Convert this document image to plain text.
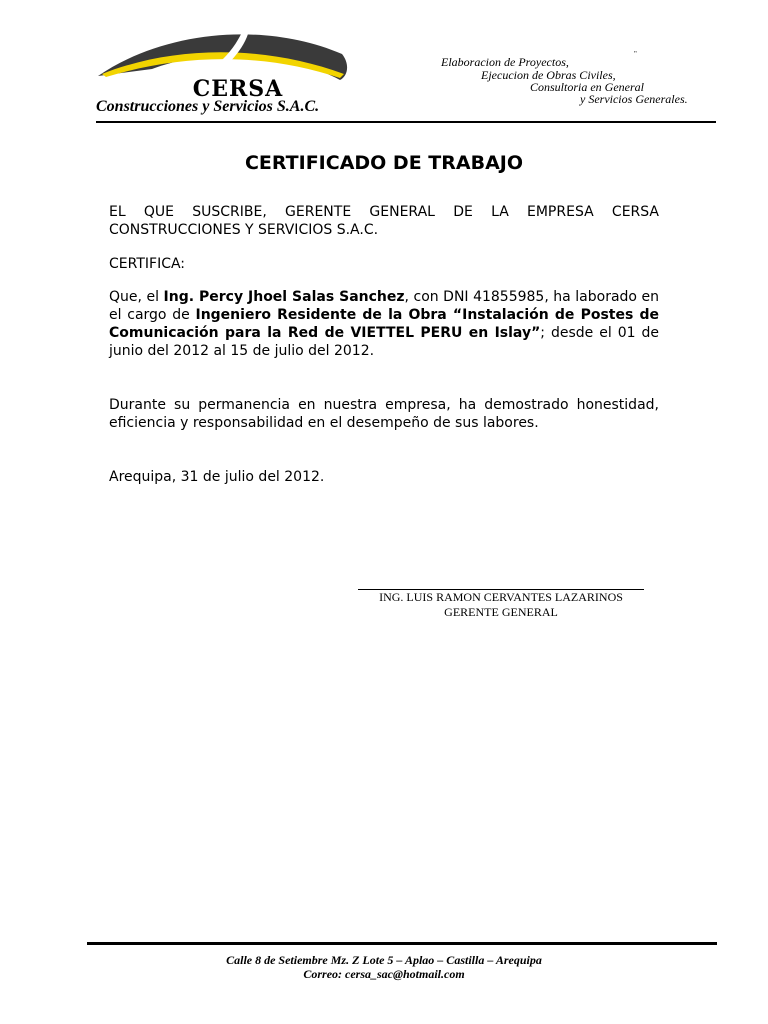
CERSA
Construcciones y Servicios S.A.C.
Elaboracion de Proyectos,
Ejecucion de Obras Civiles,
Consultoria en General
y Servicios Generales.
"
CERTIFICADO DE TRABAJO
EL QUE SUSCRIBE, GERENTE GENERAL DE LA EMPRESA CERSA CONSTRUCCIONES Y SERVICIOS S.A.C.
CERTIFICA:
Que, el Ing. Percy Jhoel Salas Sanchez, con DNI 41855985, ha laborado en el cargo de Ingeniero Residente de la Obra “Instalación de Postes de Comunicación para la Red de VIETTEL PERU en Islay”; desde el 01 de junio del 2012 al 15 de julio del 2012.
Durante su permanencia en nuestra empresa, ha demostrado honestidad, eficiencia y responsabilidad en el desempeño de sus labores.
Arequipa, 31 de julio del 2012.
ING. LUIS RAMON CERVANTES LAZARINOS
GERENTE GENERAL
Calle 8 de Setiembre Mz. Z Lote 5 – Aplao – Castilla – Arequipa
Correo: cersa_sac@hotmail.com
